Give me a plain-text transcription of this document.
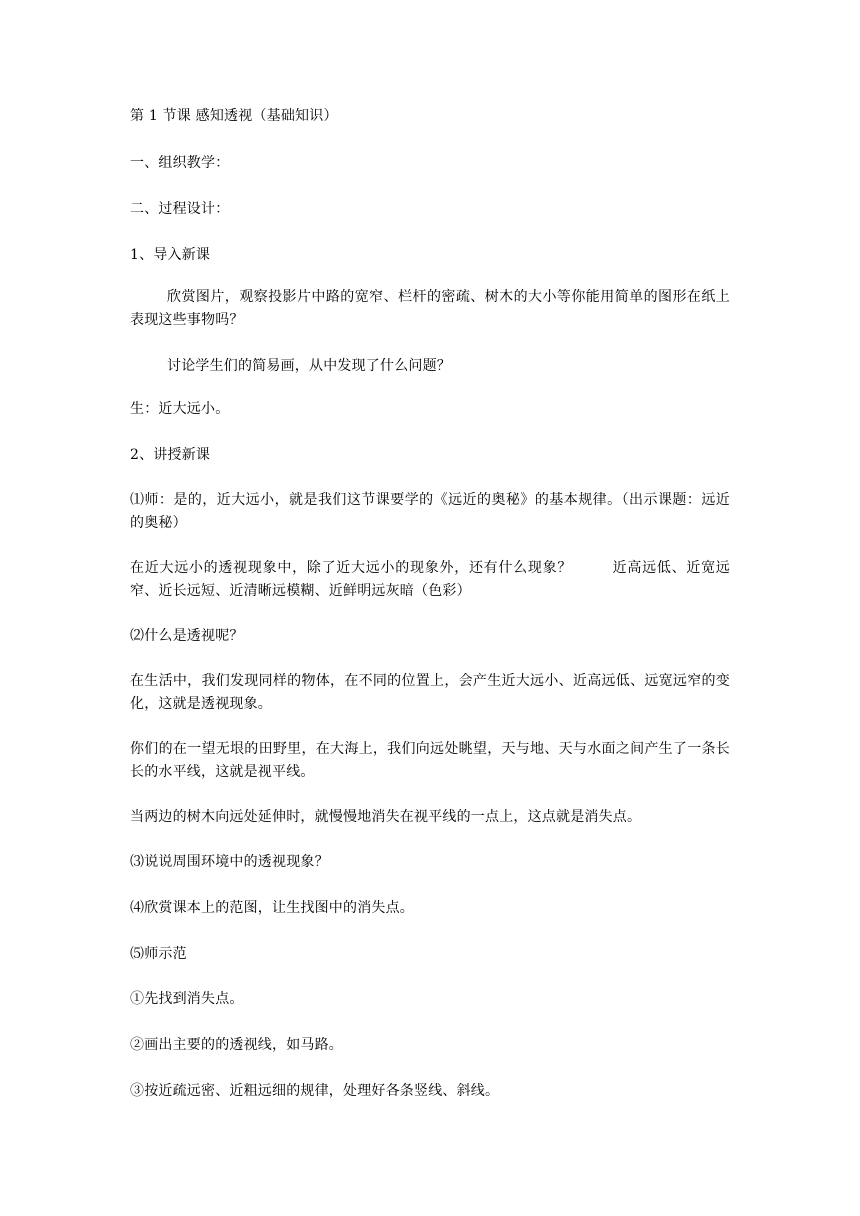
第 1 节课 感知透视（基础知识）

一、组织教学：

二、过程设计：

1、导入新课

欣赏图片，观察投影片中路的宽窄、栏杆的密疏、树木的大小等你能用简单的图形在纸上表现这些事物吗？

讨论学生们的简易画，从中发现了什么问题？

生：近大远小。

2、讲授新课

⑴师：是的，近大远小，就是我们这节课要学的《远近的奥秘》的基本规律。（出示课题：远近的奥秘）

在近大远小的透视现象中，除了近大远小的现象外，还有什么现象？	近高远低、近宽远窄、近长远短、近清晰远模糊、近鲜明远灰暗（色彩）

⑵什么是透视呢？

在生活中，我们发现同样的物体，在不同的位置上，会产生近大远小、近高远低、远宽远窄的变化，这就是透视现象。

你们的在一望无垠的田野里，在大海上，我们向远处眺望，天与地、天与水面之间产生了一条长长的水平线，这就是视平线。

当两边的树木向远处延伸时，就慢慢地消失在视平线的一点上，这点就是消失点。

⑶说说周围环境中的透视现象？

⑷欣赏课本上的范图，让生找图中的消失点。

⑸师示范

①先找到消失点。

②画出主要的的透视线，如马路。

③按近疏远密、近粗远细的规律，处理好各条竖线、斜线。
